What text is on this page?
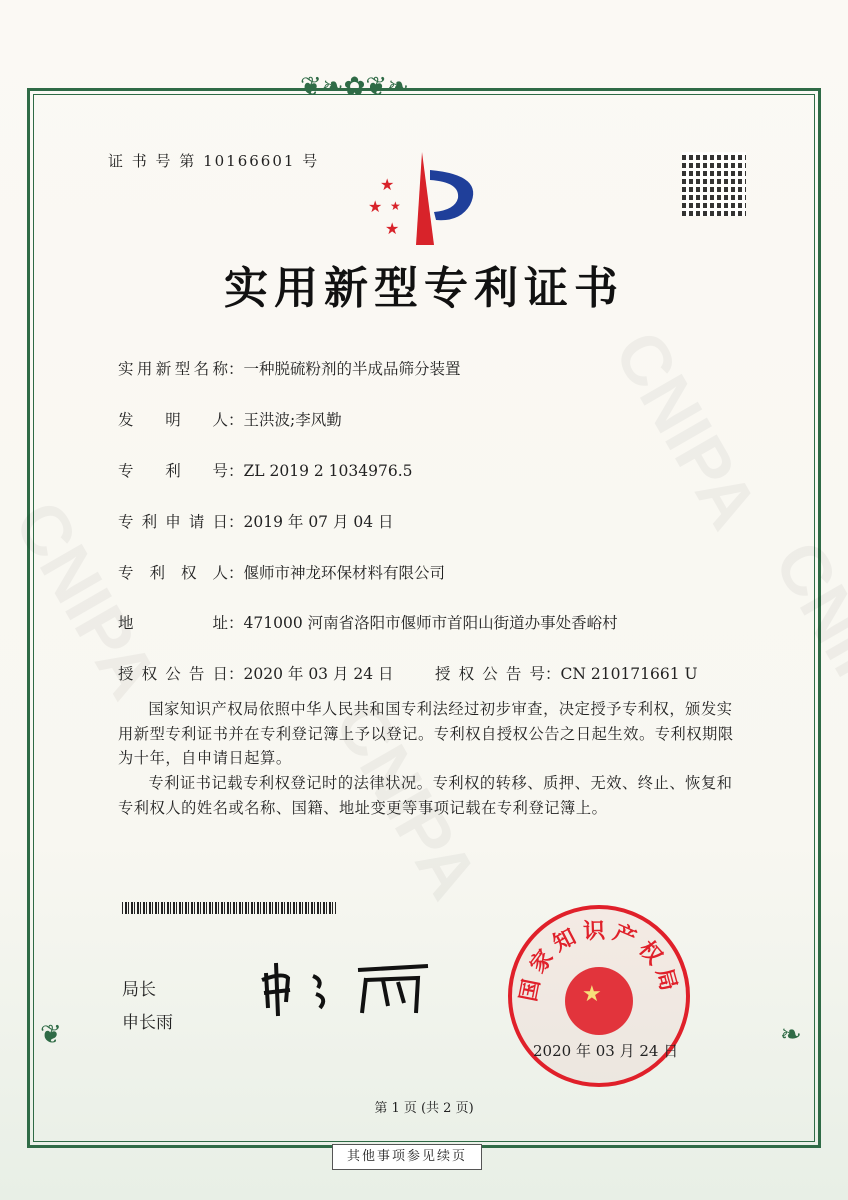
❦❧✿❦❧
❦	❧
证 书 号 第 10166601 号
★
★ ★
★
实用新型专利证书
实用新型名称：一种脱硫粉剂的半成品筛分装置
发明人：王洪波;李风勤
专利号：ZL 2019 2 1034976.5
专利申请日：2019 年 07 月 04 日
专利权人：偃师市神龙环保材料有限公司
地址：471000 河南省洛阳市偃师市首阳山街道办事处香峪村
授权公告日：2020 年 03 月 24 日	授权公告号：CN 210171661 U
国家知识产权局依照中华人民共和国专利法经过初步审查，决定授予专利权，颁发实用新型专利证书并在专利登记簿上予以登记。专利权自授权公告之日起生效。专利权期限为十年，自申请日起算。
专利证书记载专利权登记时的法律状况。专利权的转移、质押、无效、终止、恢复和专利权人的姓名或名称、国籍、地址变更等事项记载在专利登记簿上。
局长
申长雨
国家知识产权局
★
2020 年 03 月 24 日
第 1 页 (共 2 页)
其他事项参见续页
